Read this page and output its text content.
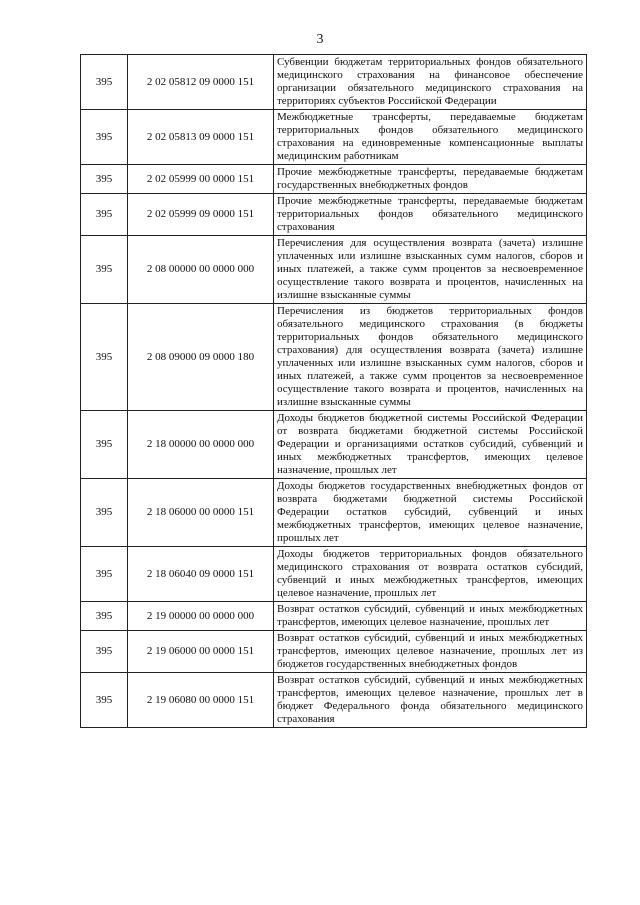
3
395	2 02 05812 09 0000 151	Субвенции бюджетам территориальных фондов обязательного медицинского страхования на финансовое обеспечение организации обязательного медицинского страхования на территориях субъектов Российской Федерации
395	2 02 05813 09 0000 151	Межбюджетные трансферты, передаваемые бюджетам территориальных фондов обязательного медицинского страхования на единовременные компенсационные выплаты медицинским работникам
395	2 02 05999 00 0000 151	Прочие межбюджетные трансферты, передаваемые бюджетам государственных внебюджетных фондов
395	2 02 05999 09 0000 151	Прочие межбюджетные трансферты, передаваемые бюджетам территориальных фондов обязательного медицинского страхования
395	2 08 00000 00 0000 000	Перечисления для осуществления возврата (зачета) излишне уплаченных или излишне взысканных сумм налогов, сборов и иных платежей, а также сумм процентов за несвоевременное осуществление такого возврата и процентов, начисленных на излишне взысканные суммы
395	2 08 09000 09 0000 180	Перечисления из бюджетов территориальных фондов обязательного медицинского страхования (в бюджеты территориальных фондов обязательного медицинского страхования) для осуществления возврата (зачета) излишне уплаченных или излишне взысканных сумм налогов, сборов и иных платежей, а также сумм процентов за несвоевременное осуществление такого возврата и процентов, начисленных на излишне взысканные суммы
395	2 18 00000 00 0000 000	Доходы бюджетов бюджетной системы Российской Федерации от возврата бюджетами бюджетной системы Российской Федерации и организациями остатков субсидий, субвенций и иных межбюджетных трансфертов, имеющих целевое назначение, прошлых лет
395	2 18 06000 00 0000 151	Доходы бюджетов государственных внебюджетных фондов от возврата бюджетами бюджетной системы Российской Федерации остатков субсидий, субвенций и иных межбюджетных трансфертов, имеющих целевое назначение, прошлых лет
395	2 18 06040 09 0000 151	Доходы бюджетов территориальных фондов обязательного медицинского страхования от возврата остатков субсидий, субвенций и иных межбюджетных трансфертов, имеющих целевое назначение, прошлых лет
395	2 19 00000 00 0000 000	Возврат остатков субсидий, субвенций и иных межбюджетных трансфертов, имеющих целевое назначение, прошлых лет
395	2 19 06000 00 0000 151	Возврат остатков субсидий, субвенций и иных межбюджетных трансфертов, имеющих целевое назначение, прошлых лет из бюджетов государственных внебюджетных фондов
395	2 19 06080 00 0000 151	Возврат остатков субсидий, субвенций и иных межбюджетных трансфертов, имеющих целевое назначение, прошлых лет в бюджет Федерального фонда обязательного медицинского страхования
